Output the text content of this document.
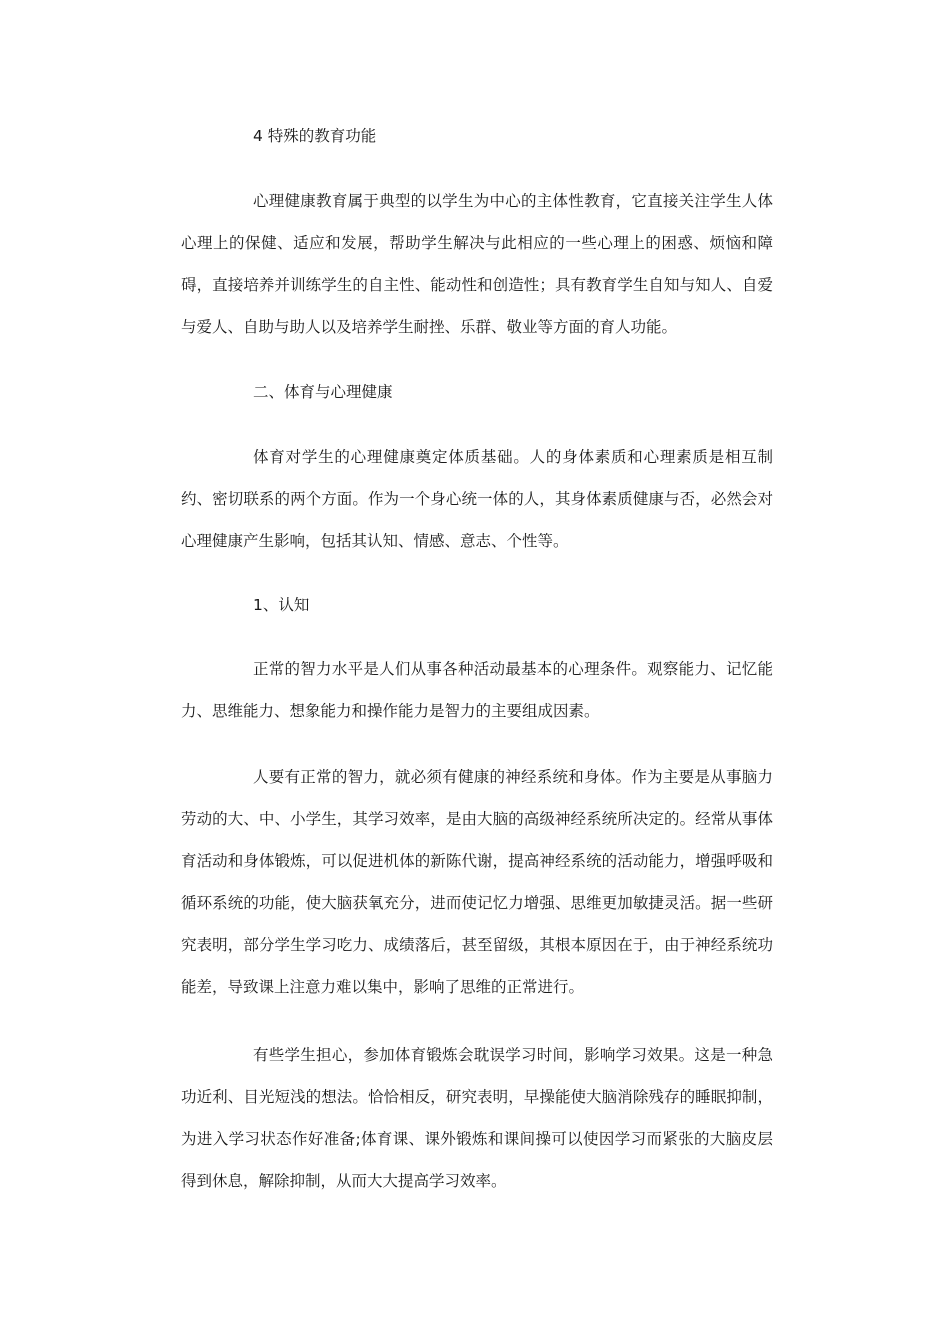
4 特殊的教育功能

心理健康教育属于典型的以学生为中心的主体性教育，它直接关注学生人体心理上的保健、适应和发展，帮助学生解决与此相应的一些心理上的困惑、烦恼和障碍，直接培养并训练学生的自主性、能动性和创造性；具有教育学生自知与知人、自爱与爱人、自助与助人以及培养学生耐挫、乐群、敬业等方面的育人功能。

二、体育与心理健康

体育对学生的心理健康奠定体质基础。人的身体素质和心理素质是相互制约、密切联系的两个方面。作为一个身心统一体的人，其身体素质健康与否，必然会对心理健康产生影响，包括其认知、情感、意志、个性等。

1、认知

正常的智力水平是人们从事各种活动最基本的心理条件。观察能力、记忆能力、思维能力、想象能力和操作能力是智力的主要组成因素。

人要有正常的智力，就必须有健康的神经系统和身体。作为主要是从事脑力劳动的大、中、小学生，其学习效率，是由大脑的高级神经系统所决定的。经常从事体育活动和身体锻炼，可以促进机体的新陈代谢，提高神经系统的活动能力，增强呼吸和循环系统的功能，使大脑获氧充分，进而使记忆力增强、思维更加敏捷灵活。据一些研究表明，部分学生学习吃力、成绩落后，甚至留级，其根本原因在于，由于神经系统功能差，导致课上注意力难以集中，影响了思维的正常进行。

有些学生担心，参加体育锻炼会耽误学习时间，影响学习效果。这是一种急功近利、目光短浅的想法。恰恰相反，研究表明，早操能使大脑消除残存的睡眠抑制，为进入学习状态作好准备;体育课、课外锻炼和课间操可以使因学习而紧张的大脑皮层得到休息，解除抑制，从而大大提高学习效率。
